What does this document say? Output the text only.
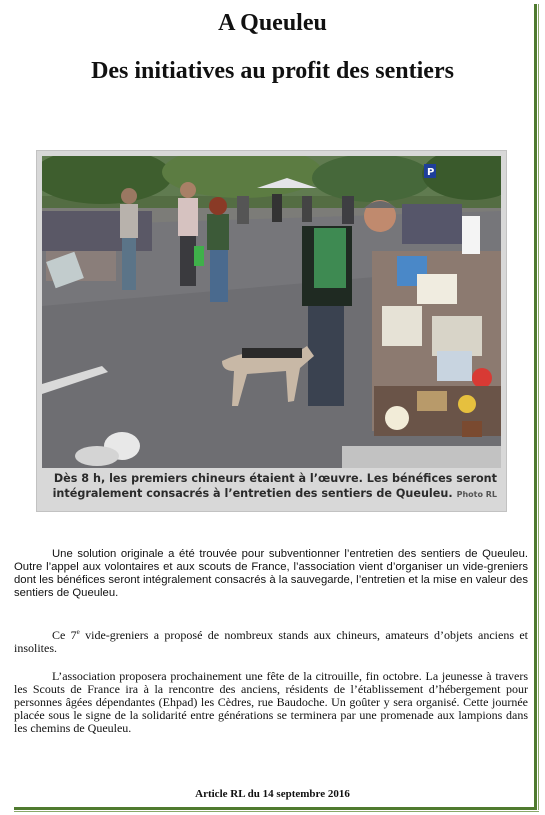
A Queuleu
Des initiatives au profit des sentiers
P
Dès 8 h, les premiers chineurs étaient à l’œuvre. Les bénéfices seront intégralement consacrés à l’entretien des sentiers de Queuleu. Photo RL
Une solution originale a été trouvée pour subventionner l’entretien des sentiers de Queuleu. Outre l’appel aux volontaires et aux scouts de France, l’association vient d’organiser un vide-greniers dont les bénéfices seront intégralement consacrés à la sauvegarde, l’entretien et la mise en valeur des sentiers de Queuleu.
Ce 7e vide-greniers a proposé de nombreux stands aux chineurs, amateurs d’objets anciens et insolites.
L’association proposera prochainement une fête de la citrouille, fin octobre. La jeunesse à travers les Scouts de France ira à la rencontre des anciens, résidents de l’établissement d’hébergement pour personnes âgées dépendantes (Ehpad) les Cèdres, rue Baudoche. Un goûter y sera organisé. Cette journée placée sous le signe de la solidarité entre générations se terminera par une promenade aux lampions dans les chemins de Queuleu.
Article RL du 14 septembre 2016
